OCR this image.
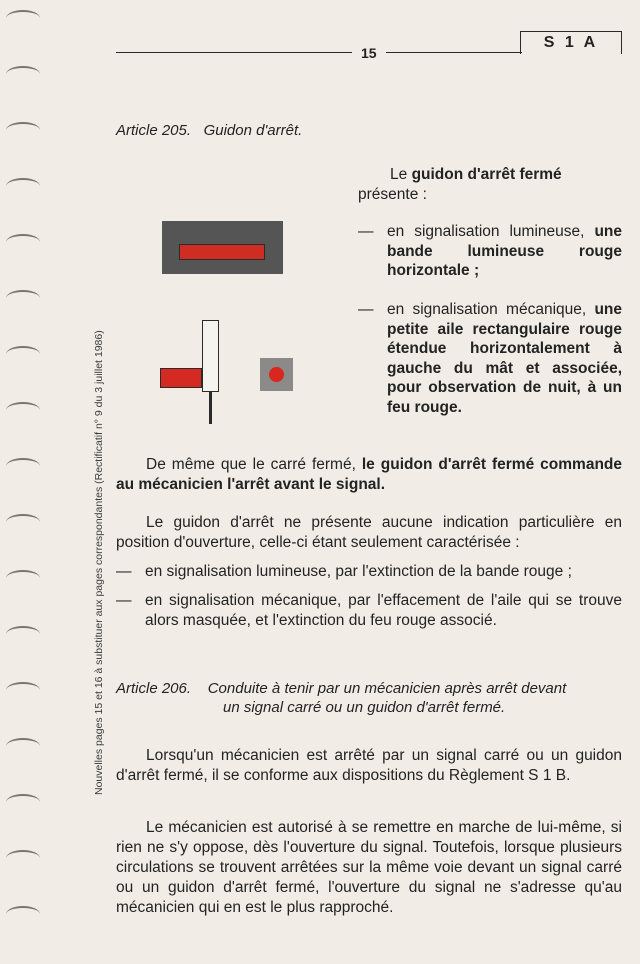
15
S 1 A
Nouvelles pages 15 et 16 à substituer aux pages correspondantes (Rectificatif n° 9 du 3 juillet 1986)
Article 205. Guidon d'arrêt.
Le guidon d'arrêt fermé
présente :
— en signalisation lumineuse, une bande lumineuse rouge horizontale ;
— en signalisation mécanique, une petite aile rectangulaire rouge étendue horizontalement à gauche du mât et associée, pour observation de nuit, à un feu rouge.
De même que le carré fermé, le guidon d'arrêt fermé commande au mécanicien l'arrêt avant le signal.
Le guidon d'arrêt ne présente aucune indication particulière en position d'ouverture, celle-ci étant seulement caractérisée :
— en signalisation lumineuse, par l'extinction de la bande rouge ;
— en signalisation mécanique, par l'effacement de l'aile qui se trouve alors masquée, et l'extinction du feu rouge associé.
Article 206. Conduite à tenir par un mécanicien après arrêt devant
un signal carré ou un guidon d'arrêt fermé.
Lorsqu'un mécanicien est arrêté par un signal carré ou un guidon d'arrêt fermé, il se conforme aux dispositions du Règlement S 1 B.
Le mécanicien est autorisé à se remettre en marche de lui-même, si rien ne s'y oppose, dès l'ouverture du signal. Toutefois, lorsque plusieurs circulations se trouvent arrêtées sur la même voie devant un signal carré ou un guidon d'arrêt fermé, l'ouverture du signal ne s'adresse qu'au mécanicien qui en est le plus rapproché.
